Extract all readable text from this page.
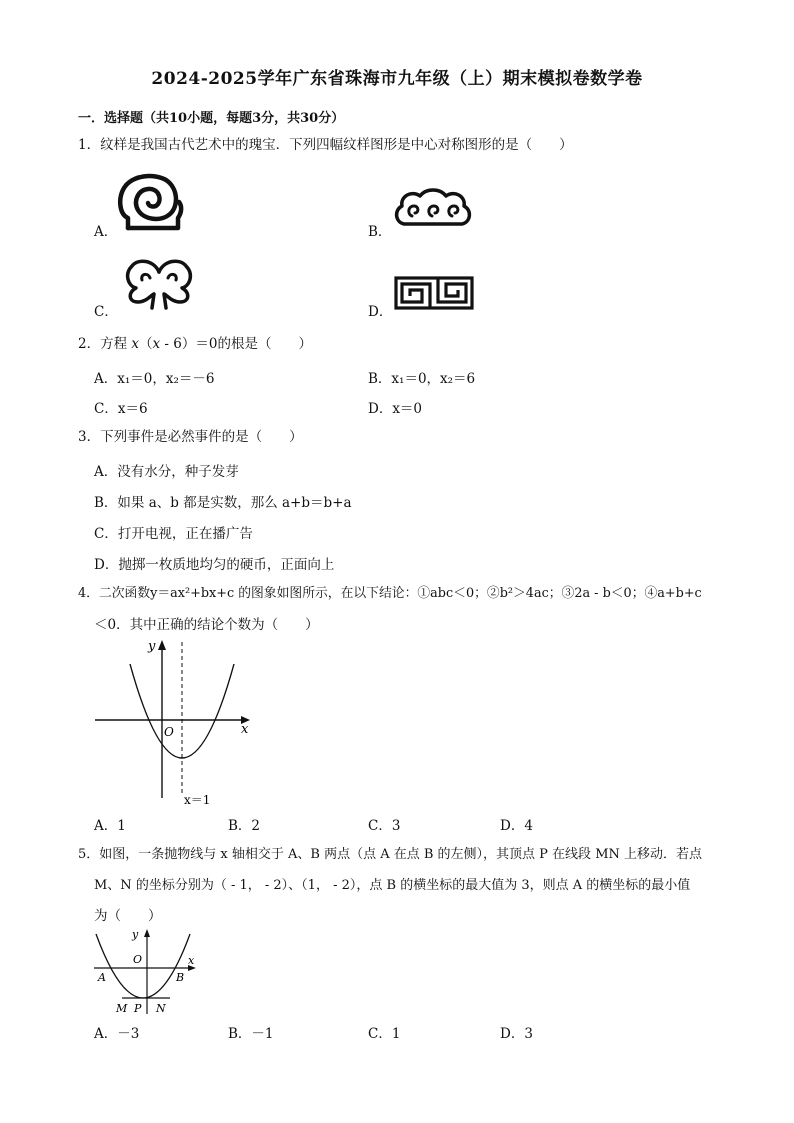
2024-2025学年广东省珠海市九年级（上）期末模拟卷数学卷
一．选择题（共10小题，每题3分，共30分）
1．纹样是我国古代艺术中的瑰宝．下列四幅纹样图形是中心对称图形的是（　　）
A．	B．
C．	D．
2．方程 x（x - 6）＝0的根是（　　）
A．x₁＝0，x₂＝－6	B．x₁＝0，x₂＝6
C．x＝6	D．x＝0
3．下列事件是必然事件的是（　　）
A．没有水分，种子发芽
B．如果 a、b 都是实数，那么 a+b＝b+a
C．打开电视，正在播广告
D．抛掷一枚质地均匀的硬币，正面向上
4．二次函数y＝ax²+bx+c 的图象如图所示，在以下结论：①abc＜0；②b²＞4ac；③2a - b＜0；④a+b+c
＜0．其中正确的结论个数为（　　）
y
x
O
x＝1
A．1	B．2	C．3	D．4
5．如图，一条抛物线与 x 轴相交于 A、B 两点（点 A 在点 B 的左侧），其顶点 P 在线段 MN 上移动．若点
M、N 的坐标分别为（ - 1， - 2）、（1， - 2），点 B 的横坐标的最大值为 3，则点 A 的横坐标的最小值
为（　　）
y
x
O
A	B
M P N
A．－3	B．－1	C．1	D．3
